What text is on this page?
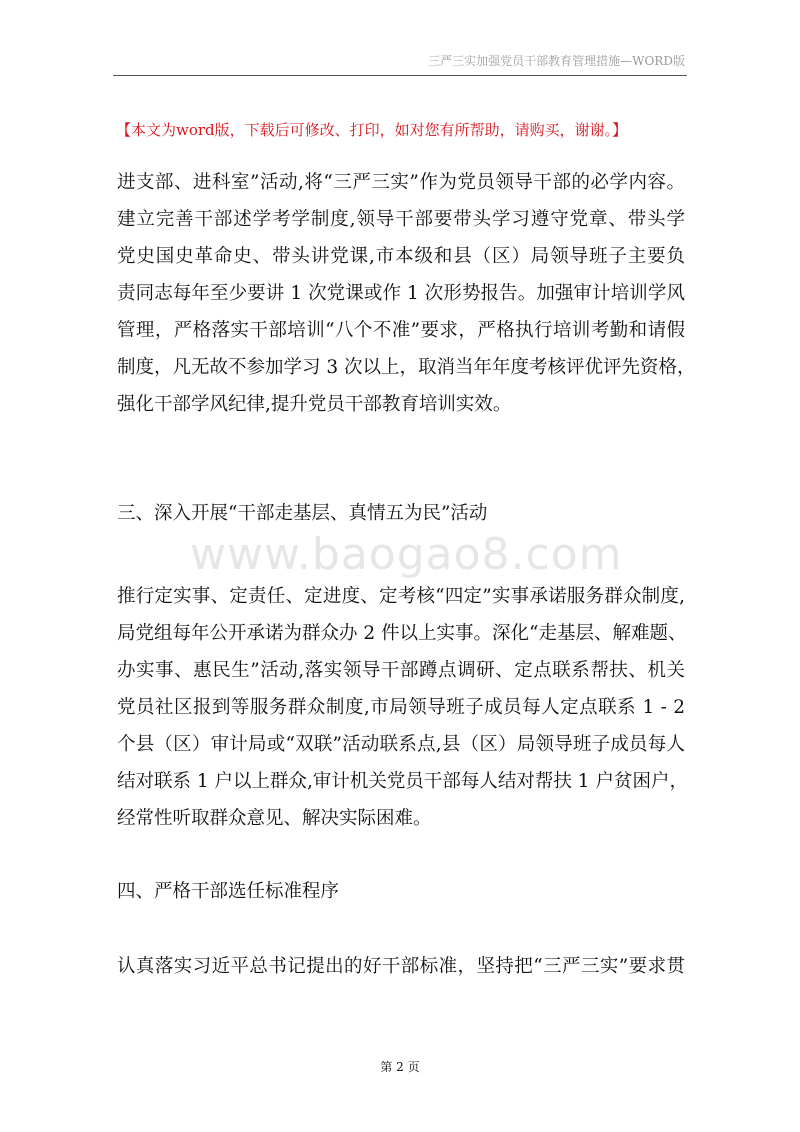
三严三实加强党员干部教育管理措施—WORD版
【本文为word版，下载后可修改、打印，如对您有所帮助，请购买，谢谢。】
进支部、进科室”活动,将“三严三实”作为党员领导干部的必学内容。
建立完善干部述学考学制度,领导干部要带头学习遵守党章、带头学
党史国史革命史、带头讲党课,市本级和县（区）局领导班子主要负
责同志每年至少要讲 1 次党课或作 1 次形势报告。加强审计培训学风
管理，严格落实干部培训“八个不准”要求，严格执行培训考勤和请假
制度，凡无故不参加学习 3 次以上，取消当年年度考核评优评先资格，
强化干部学风纪律,提升党员干部教育培训实效。
三、深入开展“干部走基层、真情五为民”活动
www.baogao8.com
推行定实事、定责任、定进度、定考核“四定”实事承诺服务群众制度,
局党组每年公开承诺为群众办 2 件以上实事。深化“走基层、解难题、
办实事、惠民生”活动,落实领导干部蹲点调研、定点联系帮扶、机关
党员社区报到等服务群众制度,市局领导班子成员每人定点联系 1 - 2
个县（区）审计局或“双联”活动联系点,县（区）局领导班子成员每人
结对联系 1 户以上群众,审计机关党员干部每人结对帮扶 1 户贫困户，
经常性听取群众意见、解决实际困难。
四、严格干部选任标准程序
认真落实习近平总书记提出的好干部标准，坚持把“三严三实”要求贯
第 2 页
